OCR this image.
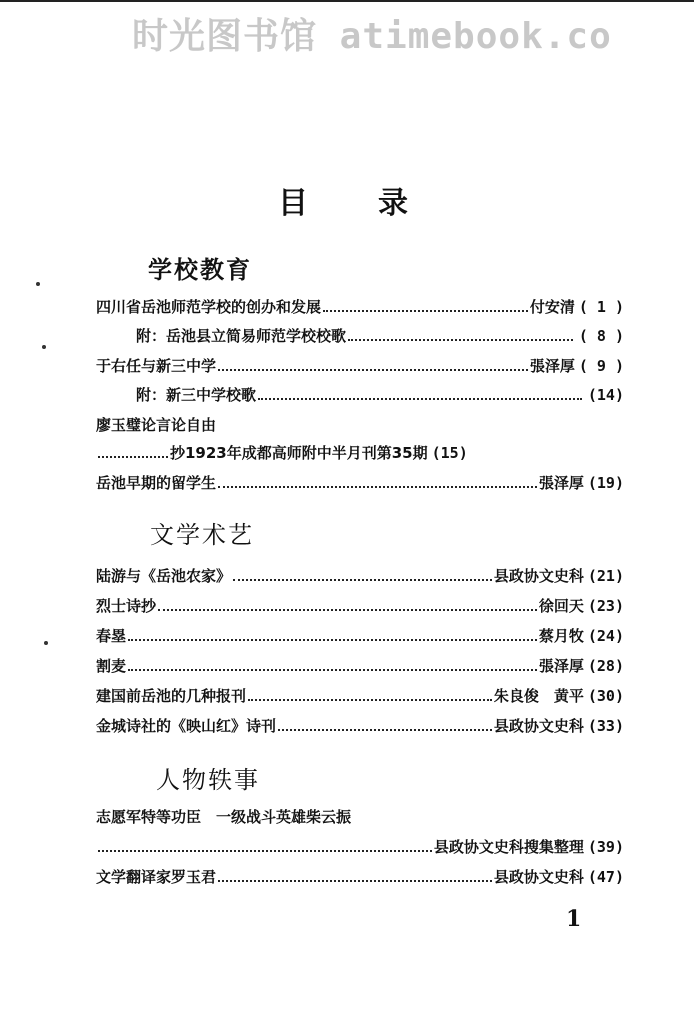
时光图书馆 atimebook.co
目录
学校教育
四川省岳池师范学校的创办和发展	付安清 ( 1 )
附：岳池县立简易师范学校校歌	( 8 )
于右任与新三中学	張泽厚 ( 9 )
附：新三中学校歌	(14)
廖玉璧论言论自由
抄1923年成都高师附中半月刊第35期 (15)
岳池早期的留学生	張泽厚 (19)
文学术艺
陆游与《岳池农家》	县政协文史科 (21)
烈士诗抄	徐回天 (23)
春塁	蔡月牧 (24)
割麦	張泽厚 (28)
建国前岳池的几种报刊	朱良俊　黄平 (30)
金城诗社的《映山红》诗刊	县政协文史科 (33)
人物轶事
志愿军特等功臣　一级战斗英雄柴云振
县政协文史科搜集整理 (39)
文学翻译家罗玉君	县政协文史科 (47)
1
